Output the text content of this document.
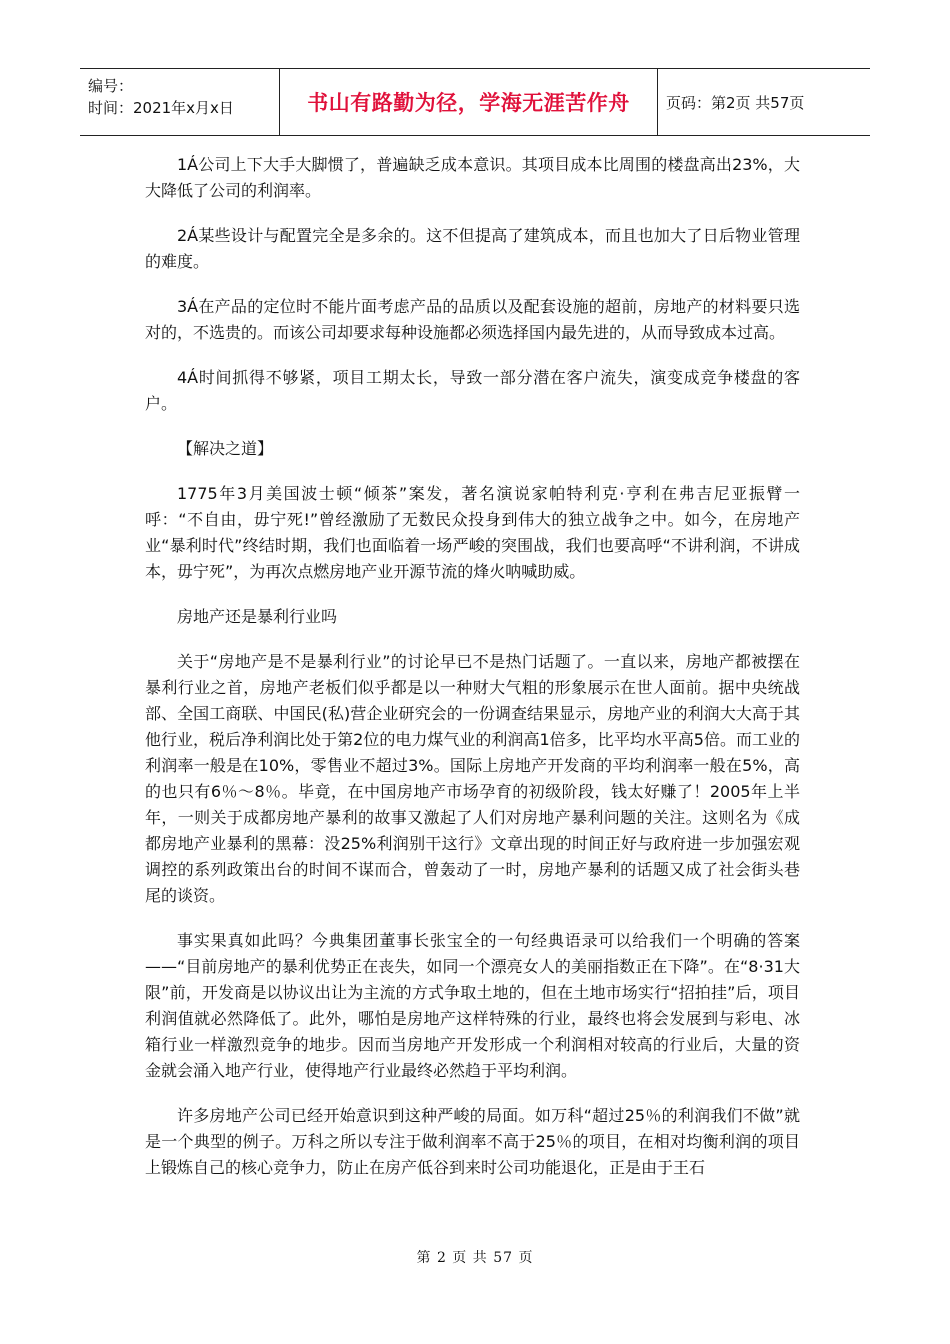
编号：
时间：2021年x月x日	书山有路勤为径，学海无涯苦作舟	页码：第2页 共57页

1Á公司上下大手大脚惯了，普遍缺乏成本意识。其项目成本比周围的楼盘高出23%，大大降低了公司的利润率。

2Á某些设计与配置完全是多余的。这不但提高了建筑成本，而且也加大了日后物业管理的难度。

3Á在产品的定位时不能片面考虑产品的品质以及配套设施的超前，房地产的材料要只选对的，不选贵的。而该公司却要求每种设施都必须选择国内最先进的，从而导致成本过高。

4Á时间抓得不够紧，项目工期太长，导致一部分潜在客户流失，演变成竞争楼盘的客户。

【解决之道】

1775年3月美国波士顿“倾茶”案发，著名演说家帕特利克·亨利在弗吉尼亚振臂一呼：“不自由，毋宁死!”曾经激励了无数民众投身到伟大的独立战争之中。如今，在房地产业“暴利时代”终结时期，我们也面临着一场严峻的突围战，我们也要高呼“不讲利润，不讲成本，毋宁死”，为再次点燃房地产业开源节流的烽火呐喊助威。

房地产还是暴利行业吗

关于“房地产是不是暴利行业”的讨论早已不是热门话题了。一直以来，房地产都被摆在暴利行业之首，房地产老板们似乎都是以一种财大气粗的形象展示在世人面前。据中央统战部、全国工商联、中国民(私)营企业研究会的一份调查结果显示，房地产业的利润大大高于其他行业，税后净利润比处于第2位的电力煤气业的利润高1倍多，比平均水平高5倍。而工业的利润率一般是在10%，零售业不超过3%。国际上房地产开发商的平均利润率一般在5%，高的也只有6％～8％。毕竟，在中国房地产市场孕育的初级阶段，钱太好赚了！2005年上半年，一则关于成都房地产暴利的故事又激起了人们对房地产暴利问题的关注。这则名为《成都房地产业暴利的黑幕：没25%利润别干这行》文章出现的时间正好与政府进一步加强宏观调控的系列政策出台的时间不谋而合，曾轰动了一时，房地产暴利的话题又成了社会街头巷尾的谈资。

事实果真如此吗？今典集团董事长张宝全的一句经典语录可以给我们一个明确的答案——“目前房地产的暴利优势正在丧失，如同一个漂亮女人的美丽指数正在下降”。在“8·31大限”前，开发商是以协议出让为主流的方式争取土地的，但在土地市场实行“招拍挂”后，项目利润值就必然降低了。此外，哪怕是房地产这样特殊的行业，最终也将会发展到与彩电、冰箱行业一样激烈竞争的地步。因而当房地产开发形成一个利润相对较高的行业后，大量的资金就会涌入地产行业，使得地产行业最终必然趋于平均利润。

许多房地产公司已经开始意识到这种严峻的局面。如万科“超过25％的利润我们不做”就是一个典型的例子。万科之所以专注于做利润率不高于25％的项目，在相对均衡利润的项目上锻炼自己的核心竞争力，防止在房产低谷到来时公司功能退化，正是由于王石

第 2 页 共 57 页
